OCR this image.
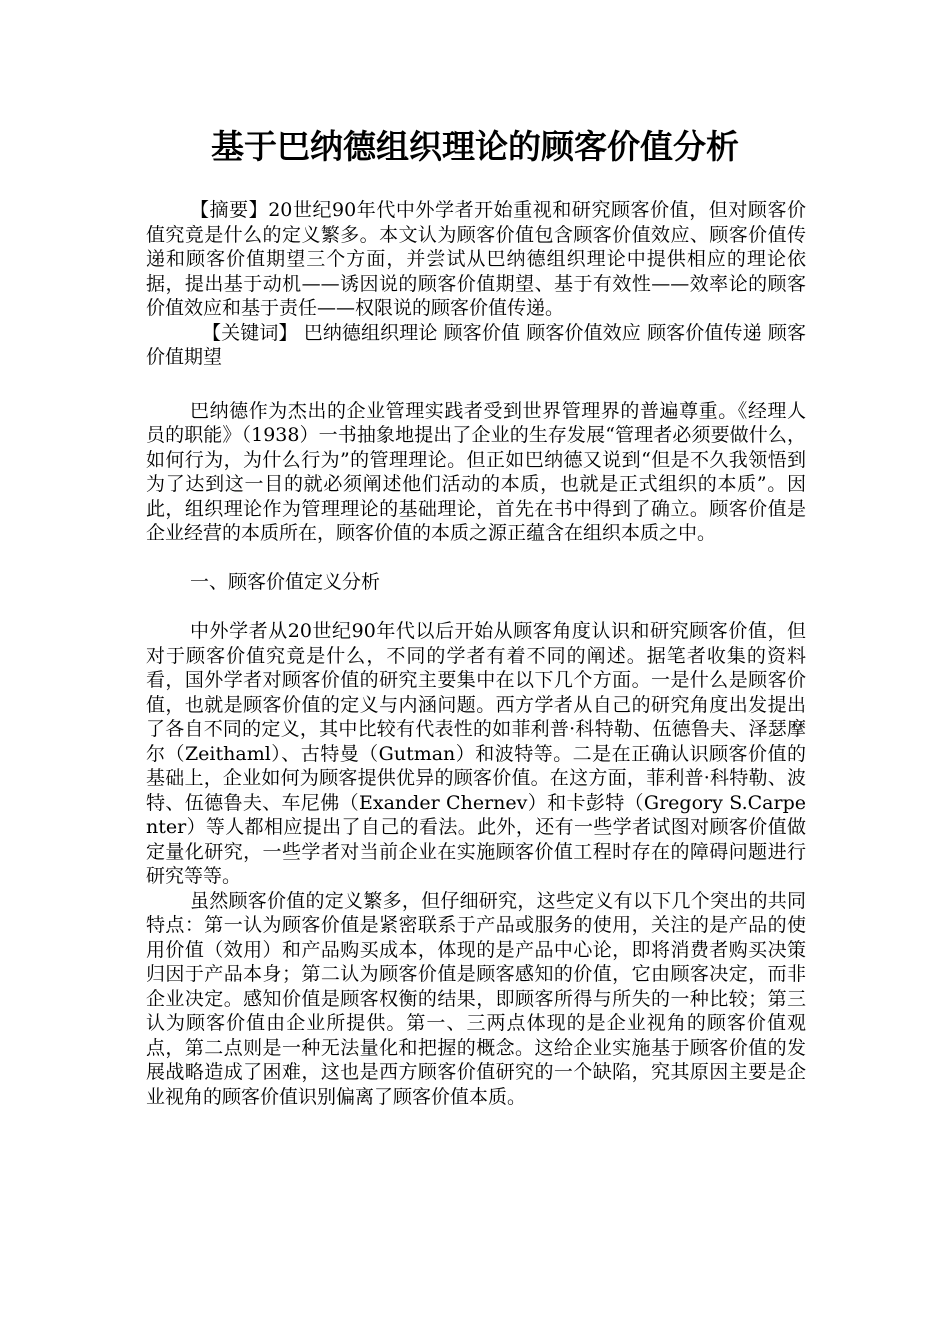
基于巴纳德组织理论的顾客价值分析

【摘要】20世纪90年代中外学者开始重视和研究顾客价值，但对顾客价值究竟是什么的定义繁多。本文认为顾客价值包含顾客价值效应、顾客价值传递和顾客价值期望三个方面，并尝试从巴纳德组织理论中提供相应的理论依据，提出基于动机——诱因说的顾客价值期望、基于有效性——效率论的顾客价值效应和基于责任——权限说的顾客价值传递。

【关键词】 巴纳德组织理论 顾客价值 顾客价值效应 顾客价值传递 顾客价值期望

巴纳德作为杰出的企业管理实践者受到世界管理界的普遍尊重。《经理人员的职能》（1938）一书抽象地提出了企业的生存发展“管理者必须要做什么，如何行为，为什么行为”的管理理论。但正如巴纳德又说到“但是不久我领悟到为了达到这一目的就必须阐述他们活动的本质，也就是正式组织的本质”。因此，组织理论作为管理理论的基础理论，首先在书中得到了确立。顾客价值是企业经营的本质所在，顾客价值的本质之源正蕴含在组织本质之中。

一、顾客价值定义分析

中外学者从20世纪90年代以后开始从顾客角度认识和研究顾客价值，但对于顾客价值究竟是什么，不同的学者有着不同的阐述。据笔者收集的资料看，国外学者对顾客价值的研究主要集中在以下几个方面。一是什么是顾客价值，也就是顾客价值的定义与内涵问题。西方学者从自己的研究角度出发提出了各自不同的定义，其中比较有代表性的如菲利普·科特勒、伍德鲁夫、泽瑟摩尔（Zeithaml）、古特曼（Gutman）和波特等。二是在正确认识顾客价值的基础上，企业如何为顾客提供优异的顾客价值。在这方面，菲利普·科特勒、波特、伍德鲁夫、车尼佛（Exander Chernev）和卡彭特（Gregory S.Carpenter）等人都相应提出了自己的看法。此外，还有一些学者试图对顾客价值做定量化研究，一些学者对当前企业在实施顾客价值工程时存在的障碍问题进行研究等等。

虽然顾客价值的定义繁多，但仔细研究，这些定义有以下几个突出的共同特点：第一认为顾客价值是紧密联系于产品或服务的使用，关注的是产品的使用价值（效用）和产品购买成本，体现的是产品中心论，即将消费者购买决策归因于产品本身；第二认为顾客价值是顾客感知的价值，它由顾客决定，而非企业决定。感知价值是顾客权衡的结果，即顾客所得与所失的一种比较；第三认为顾客价值由企业所提供。第一、三两点体现的是企业视角的顾客价值观点，第二点则是一种无法量化和把握的概念。这给企业实施基于顾客价值的发展战略造成了困难，这也是西方顾客价值研究的一个缺陷，究其原因主要是企业视角的顾客价值识别偏离了顾客价值本质。
